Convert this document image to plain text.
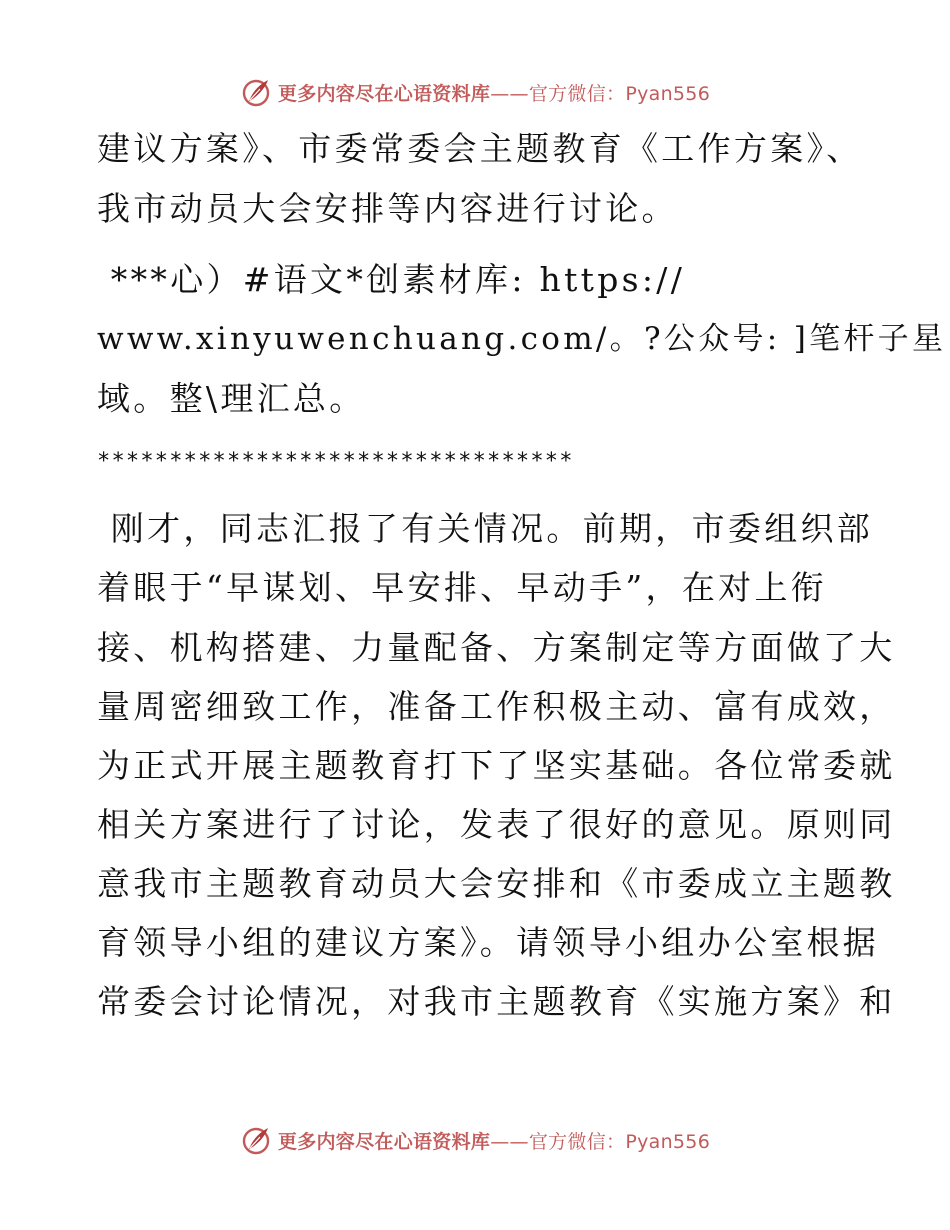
更多内容尽在心语资料库——官方微信：Pyan556

建议方案》、市委常委会主题教育《工作方案》、

我市动员大会安排等内容进行讨论。

***心）#语文*创素材库: https://

www.xinyuwenchuang.com/。?公众号: ]笔杆子星

域。整\理汇总。

*********************************

刚才，同志汇报了有关情况。前期，市委组织部

着眼于“早谋划、早安排、早动手”，在对上衔

接、机构搭建、力量配备、方案制定等方面做了大

量周密细致工作，准备工作积极主动、富有成效，

为正式开展主题教育打下了坚实基础。各位常委就

相关方案进行了讨论，发表了很好的意见。原则同

意我市主题教育动员大会安排和《市委成立主题教

育领导小组的建议方案》。请领导小组办公室根据

常委会讨论情况，对我市主题教育《实施方案》和

更多内容尽在心语资料库——官方微信：Pyan556
